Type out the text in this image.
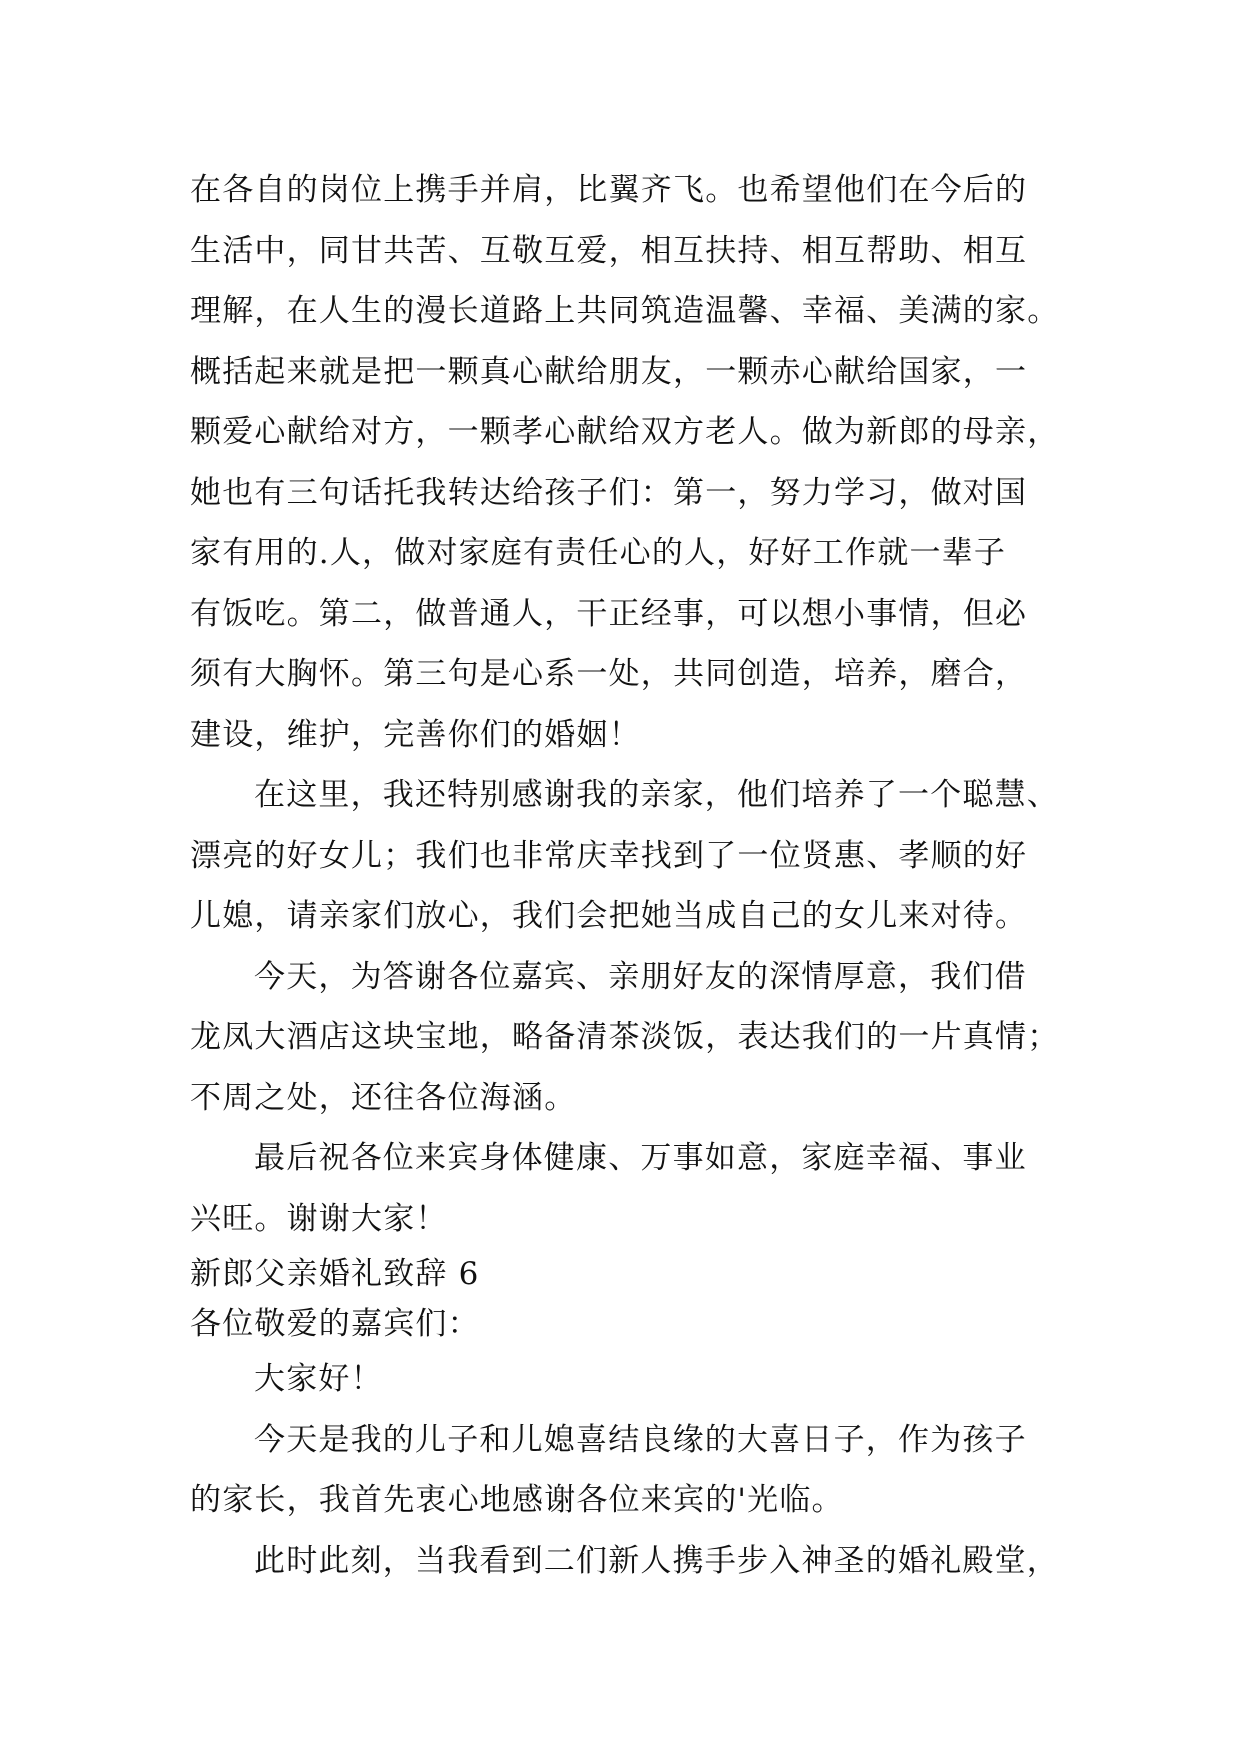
在各自的岗位上携手并肩，比翼齐飞。也希望他们在今后的
生活中，同甘共苦、互敬互爱，相互扶持、相互帮助、相互
理解，在人生的漫长道路上共同筑造温馨、幸福、美满的家。
概括起来就是把一颗真心献给朋友，一颗赤心献给国家，一
颗爱心献给对方，一颗孝心献给双方老人。做为新郎的母亲，
她也有三句话托我转达给孩子们：第一，努力学习，做对国
家有用的.人，做对家庭有责任心的人，好好工作就一辈子
有饭吃。第二，做普通人，干正经事，可以想小事情，但必
须有大胸怀。第三句是心系一处，共同创造，培养，磨合，
建设，维护，完善你们的婚姻！
在这里，我还特别感谢我的亲家，他们培养了一个聪慧、
漂亮的好女儿；我们也非常庆幸找到了一位贤惠、孝顺的好
儿媳，请亲家们放心，我们会把她当成自己的女儿来对待。
今天，为答谢各位嘉宾、亲朋好友的深情厚意，我们借
龙凤大酒店这块宝地，略备清茶淡饭，表达我们的一片真情；
不周之处，还往各位海涵。
最后祝各位来宾身体健康、万事如意，家庭幸福、事业
兴旺。谢谢大家！
新郎父亲婚礼致辞 6
各位敬爱的嘉宾们：
大家好！
今天是我的儿子和儿媳喜结良缘的大喜日子，作为孩子
的家长，我首先衷心地感谢各位来宾的'光临。
此时此刻，当我看到二们新人携手步入神圣的婚礼殿堂，
